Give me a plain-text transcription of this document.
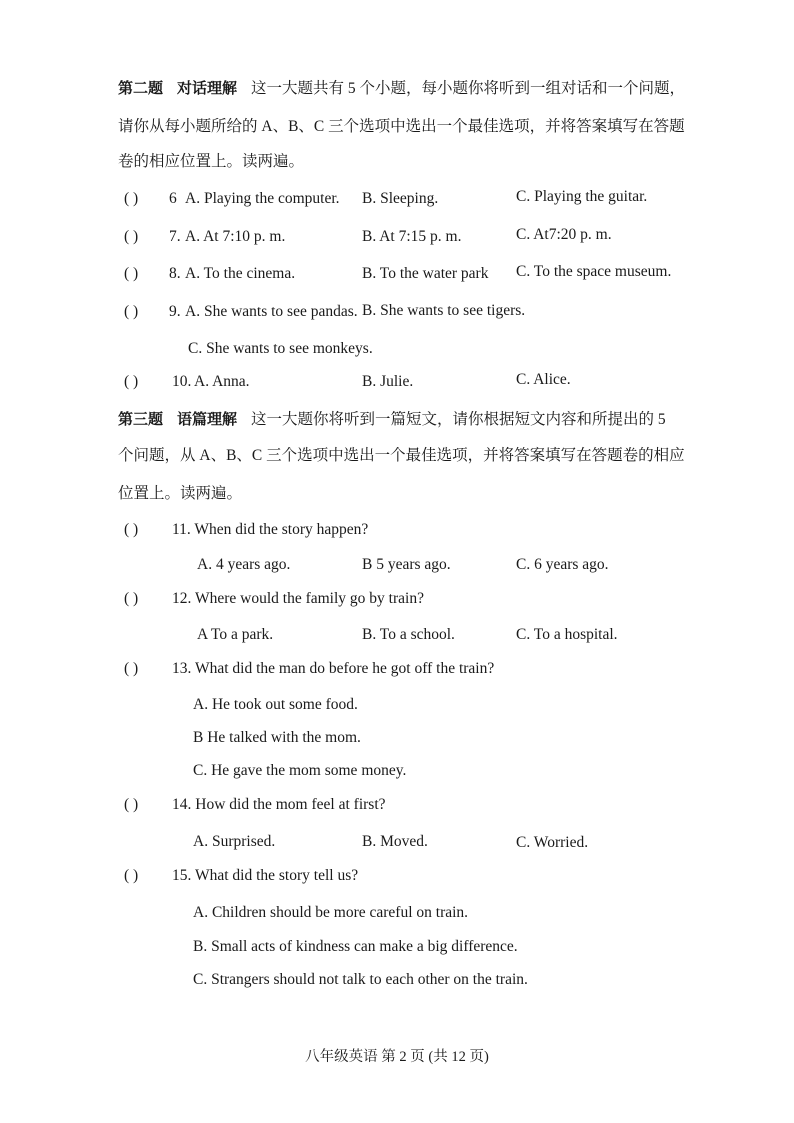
第二题 对话理解 这一大题共有 5 个小题，每小题你将听到一组对话和一个问题，
请你从每小题所给的 A、B、C 三个选项中选出一个最佳选项，并将答案填写在答题
卷的相应位置上。读两遍。
( ) 6 A. Playing the computer. B. Sleeping.	C. Playing the guitar.
( ) 7. A. At 7:10 p. m.	B. At 7:15 p. m.	C. At7:20 p. m.
( ) 8. A. To the cinema.	B. To the water park C. To the space museum.
( ) 9. A. She wants to see pandas. B. She wants to see tigers.
C. She wants to see monkeys.
( ) 10. A. Anna.	B. Julie.	C. Alice.
第三题 语篇理解 这一大题你将听到一篇短文，请你根据短文内容和所提出的 5
个问题，从 A、B、C 三个选项中选出一个最佳选项，并将答案填写在答题卷的相应
位置上。读两遍。
( ) 11. When did the story happen?
A. 4 years ago.	B 5 years ago.	C. 6 years ago.
( ) 12. Where would the family go by train?
A To a park.	B. To a school.	C. To a hospital.
( ) 13. What did the man do before he got off the train?
A. He took out some food.
B He talked with the mom.
C. He gave the mom some money.
( ) 14. How did the mom feel at first?
A. Surprised.	B. Moved.	C. Worried.
( ) 15. What did the story tell us?
A. Children should be more careful on train.
B. Small acts of kindness can make a big difference.
C. Strangers should not talk to each other on the train.
八年级英语 第 2 页 (共 12 页)
